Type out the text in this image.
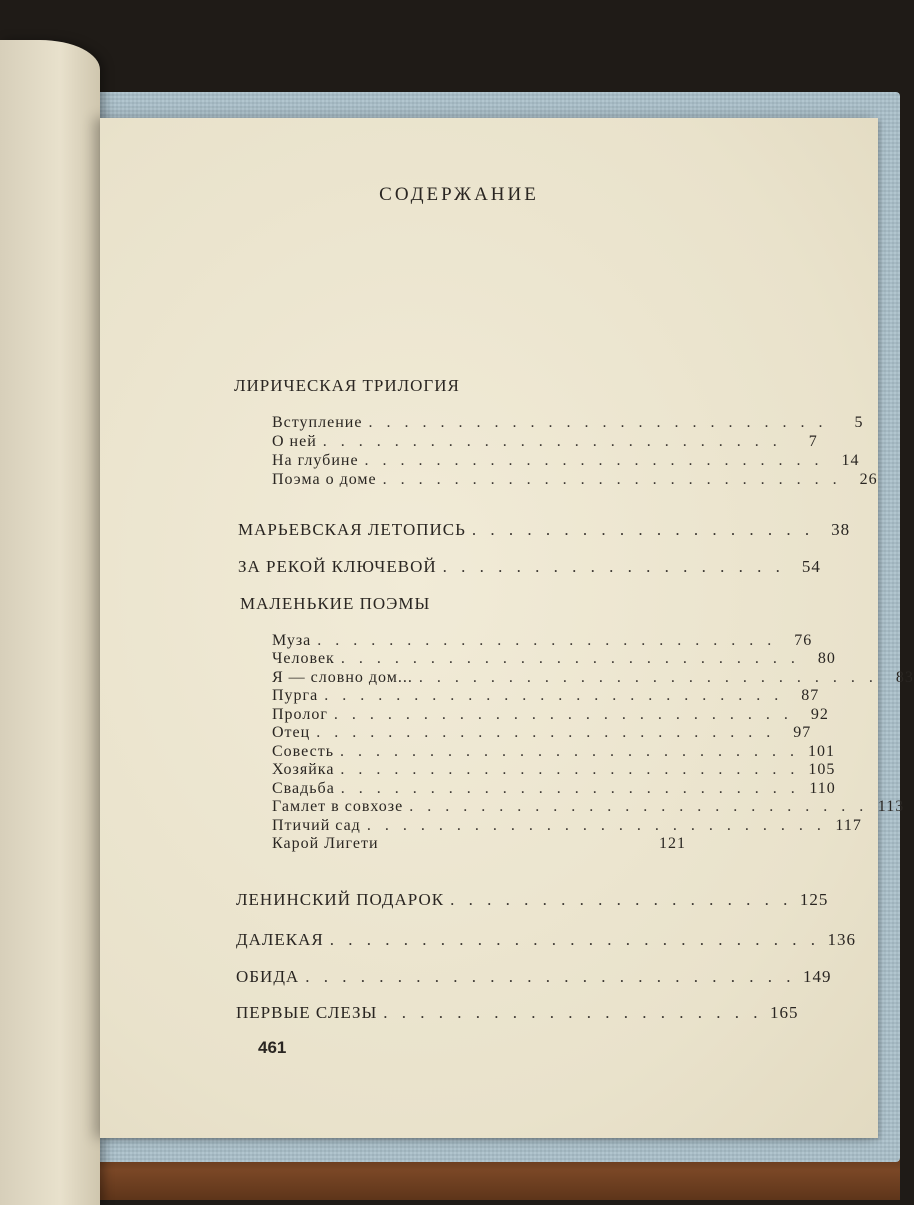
СОДЕРЖАНИЕ
ЛИРИЧЕСКАЯ ТРИЛОГИЯ
Вступление . . . . . . . . . . . . . . . . . . . . . . . . . .	5
О ней . . . . . . . . . . . . . . . . . . . . . . . . . .	7
На глубине . . . . . . . . . . . . . . . . . . . . . . . . . .	14
Поэма о доме . . . . . . . . . . . . . . . . . . . . . . . . . .	26
МАРЬЕВСКАЯ ЛЕТОПИСЬ . . . . . . . . . . . . . . . . . . .	38
ЗА РЕКОЙ КЛЮЧЕВОЙ . . . . . . . . . . . . . . . . . . .	54
МАЛЕНЬКИЕ ПОЭМЫ
Муза . . . . . . . . . . . . . . . . . . . . . . . . . .	76
Человек . . . . . . . . . . . . . . . . . . . . . . . . . .	80
Я — словно дом... . . . . . . . . . . . . . . . . . . . . . . . . . .	83
Пурга . . . . . . . . . . . . . . . . . . . . . . . . . .	87
Пролог . . . . . . . . . . . . . . . . . . . . . . . . . .	92
Отец . . . . . . . . . . . . . . . . . . . . . . . . . .	97
Совесть . . . . . . . . . . . . . . . . . . . . . . . . . . 101
Хозяйка . . . . . . . . . . . . . . . . . . . . . . . . . . 105
Свадьба . . . . . . . . . . . . . . . . . . . . . . . . . . 110
Гамлет в совхозе . . . . . . . . . . . . . . . . . . . . . . . . . . 113
Птичий сад . . . . . . . . . . . . . . . . . . . . . . . . . . 117
Карой Лигети	121
ЛЕНИНСКИЙ ПОДАРОК . . . . . . . . . . . . . . . . . . . 125
ДАЛЕКАЯ . . . . . . . . . . . . . . . . . . . . . . . . . . . 136
ОБИДА . . . . . . . . . . . . . . . . . . . . . . . . . . . 149
ПЕРВЫЕ СЛЕЗЫ . . . . . . . . . . . . . . . . . . . . . 165
461
